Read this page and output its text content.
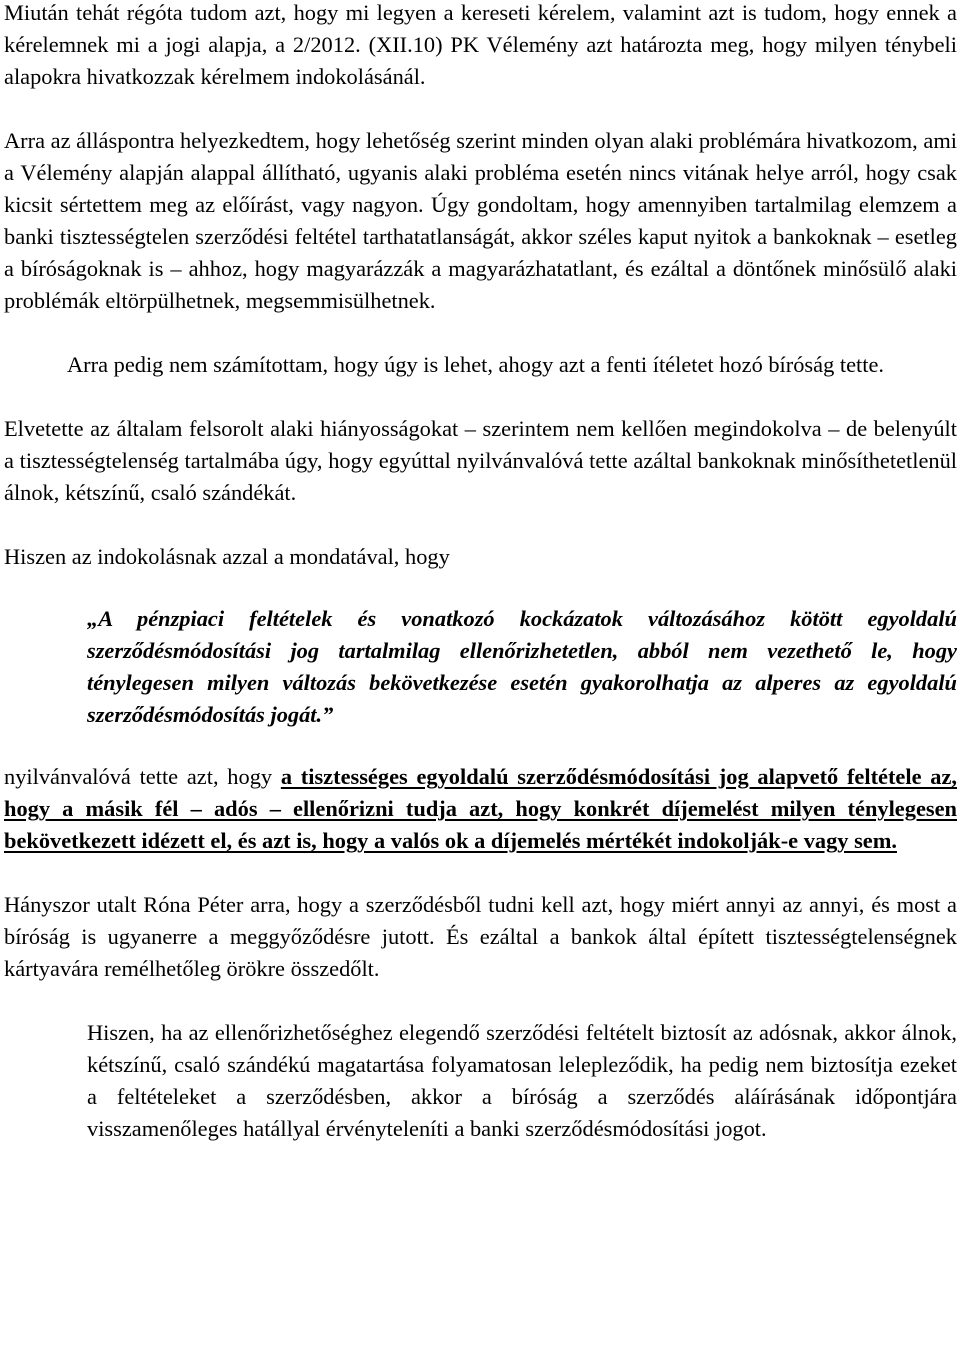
Miután tehát régóta tudom azt, hogy mi legyen a kereseti kérelem, valamint azt is tudom, hogy ennek a kérelemnek mi a jogi alapja, a 2/2012. (XII.10) PK Vélemény azt határozta meg, hogy milyen ténybeli alapokra hivatkozzak kérelmem indokolásánál.

Arra az álláspontra helyezkedtem, hogy lehetőség szerint minden olyan alaki problémára hivatkozom, ami a Vélemény alapján alappal állítható, ugyanis alaki probléma esetén nincs vitának helye arról, hogy csak kicsit sértettem meg az előírást, vagy nagyon. Úgy gondoltam, hogy amennyiben tartalmilag elemzem a banki tisztességtelen szerződési feltétel tarthatatlanságát, akkor széles kaput nyitok a bankoknak – esetleg a bíróságoknak is – ahhoz, hogy magyarázzák a magyarázhatatlant, és ezáltal a döntőnek minősülő alaki problémák eltörpülhetnek, megsemmisülhetnek.

Arra pedig nem számítottam, hogy úgy is lehet, ahogy azt a fenti ítéletet hozó bíróság tette.

Elvetette az általam felsorolt alaki hiányosságokat – szerintem nem kellően megindokolva – de belenyúlt a tisztességtelenség tartalmába úgy, hogy egyúttal nyilvánvalóvá tette azáltal bankoknak minősíthetetlenül álnok, kétszínű, csaló szándékát.

Hiszen az indokolásnak azzal a mondatával, hogy

„A pénzpiaci feltételek és vonatkozó kockázatok változásához kötött egyoldalú szerződésmódosítási jog tartalmilag ellenőrizhetetlen, abból nem vezethető le, hogy ténylegesen milyen változás bekövetkezése esetén gyakorolhatja az alperes az egyoldalú szerződésmódosítás jogát.”

nyilvánvalóvá tette azt, hogy a tisztességes egyoldalú szerződésmódosítási jog alapvető feltétele az, hogy a másik fél – adós – ellenőrizni tudja azt, hogy konkrét díjemelést milyen ténylegesen bekövetkezett idézett el, és azt is, hogy a valós ok a díjemelés mértékét indokolják-e vagy sem.

Hányszor utalt Róna Péter arra, hogy a szerződésből tudni kell azt, hogy miért annyi az annyi, és most a bíróság is ugyanerre a meggyőződésre jutott. És ezáltal a bankok által épített tisztességtelenségnek kártyavára remélhetőleg örökre összedőlt.

Hiszen, ha az ellenőrizhetőséghez elegendő szerződési feltételt biztosít az adósnak, akkor álnok, kétszínű, csaló szándékú magatartása folyamatosan lelepleződik, ha pedig nem biztosítja ezeket a feltételeket a szerződésben, akkor a bíróság a szerződés aláírásának időpontjára visszamenőleges hatállyal érvényteleníti a banki szerződésmódosítási jogot.
